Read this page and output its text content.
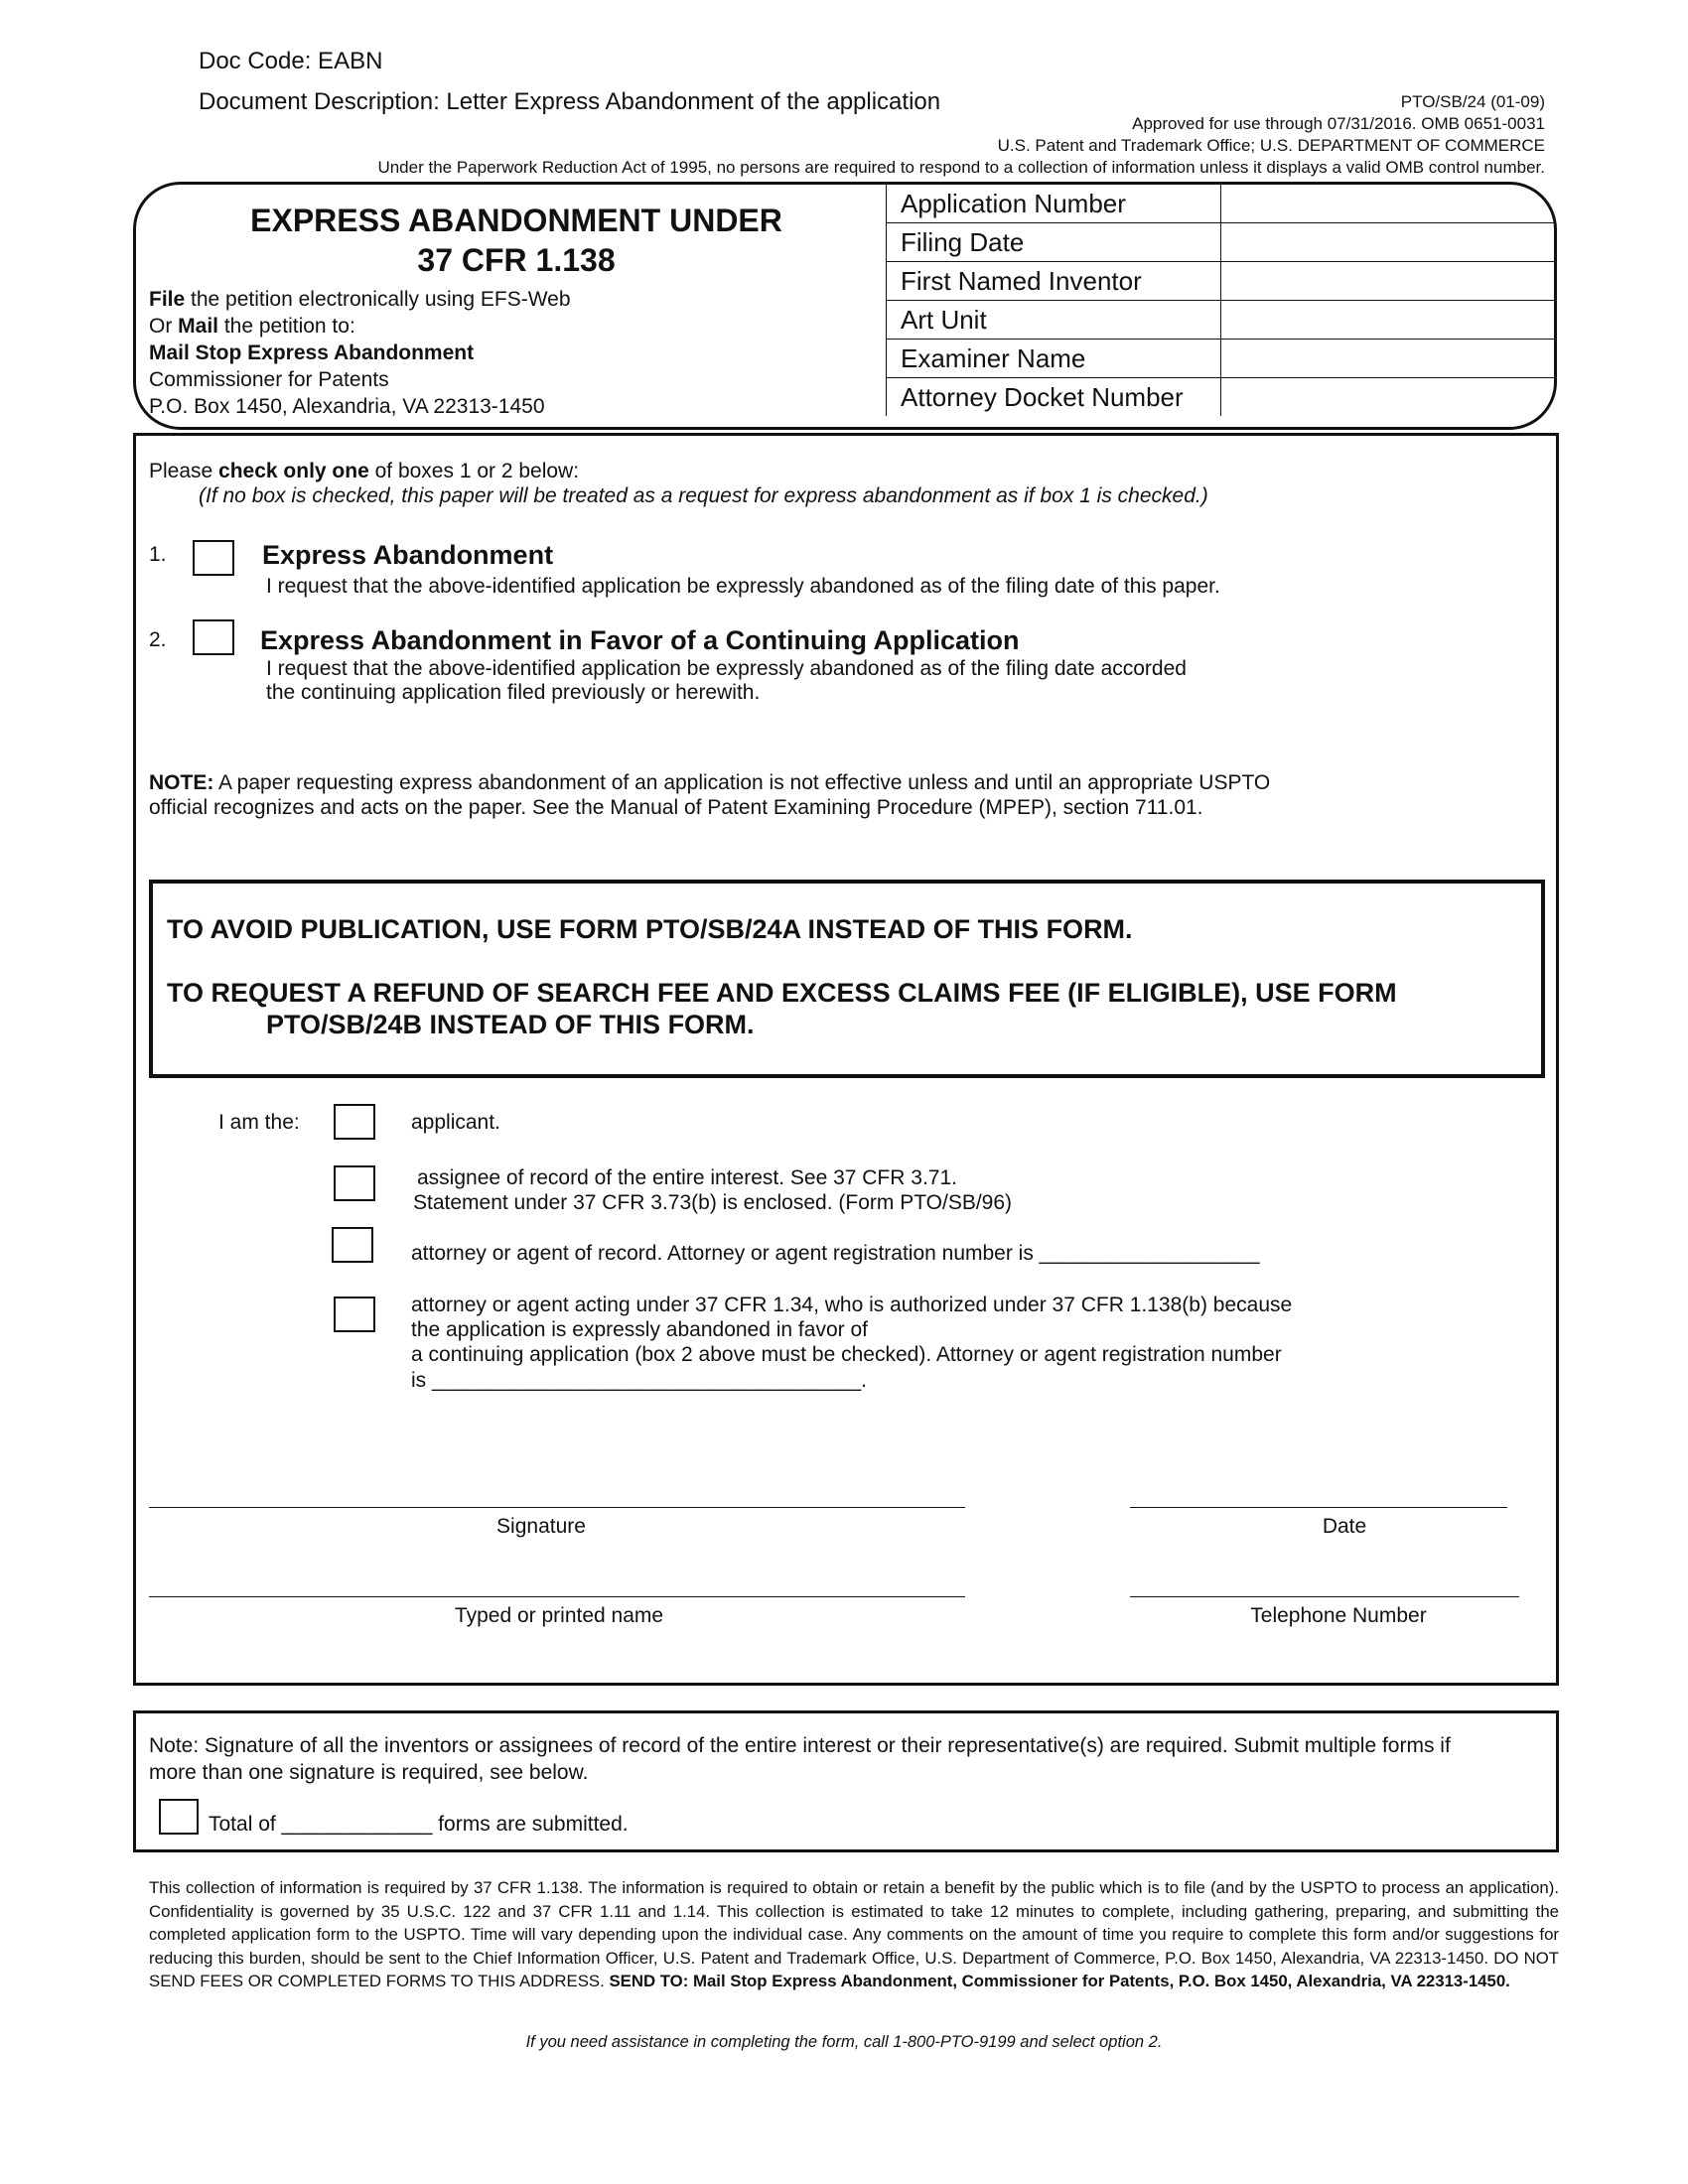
Doc Code: EABN
Document Description: Letter Express Abandonment of the application	PTO/SB/24 (01-09)
Approved for use through 07/31/2016. OMB 0651-0031
U.S. Patent and Trademark Office; U.S. DEPARTMENT OF COMMERCE
Under the Paperwork Reduction Act of 1995, no persons are required to respond to a collection of information unless it displays a valid OMB control number.
EXPRESS ABANDONMENT UNDER
37 CFR 1.138
File the petition electronically using EFS-Web
Or Mail the petition to:
Mail Stop Express Abandonment
Commissioner for Patents
P.O. Box 1450, Alexandria, VA 22313-1450
Application Number	
Filing Date	
First Named Inventor	
Art Unit	
Examiner Name	
Attorney Docket Number	
Please check only one of boxes 1 or 2 below:
(If no box is checked, this paper will be treated as a request for express abandonment as if box 1 is checked.)
1.	Express Abandonment
I request that the above-identified application be expressly abandoned as of the filing date of this paper.
2.	Express Abandonment in Favor of a Continuing Application
I request that the above-identified application be expressly abandoned as of the filing date accorded
the continuing application filed previously or herewith.
NOTE: A paper requesting express abandonment of an application is not effective unless and until an appropriate USPTO
official recognizes and acts on the paper. See the Manual of Patent Examining Procedure (MPEP), section 711.01.
TO AVOID PUBLICATION, USE FORM PTO/SB/24A INSTEAD OF THIS FORM.
TO REQUEST A REFUND OF SEARCH FEE AND EXCESS CLAIMS FEE (IF ELIGIBLE), USE FORM
PTO/SB/24B INSTEAD OF THIS FORM.
I am the:	applicant.
assignee of record of the entire interest. See 37 CFR 3.71.
Statement under 37 CFR 3.73(b) is enclosed. (Form PTO/SB/96)
attorney or agent of record. Attorney or agent registration number is ___________________
attorney or agent acting under 37 CFR 1.34, who is authorized under 37 CFR 1.138(b) because
the application is expressly abandoned in favor of
a continuing application (box 2 above must be checked). Attorney or agent registration number
is _____________________________________.
Signature	Date
Typed or printed name	Telephone Number
Note: Signature of all the inventors or assignees of record of the entire interest or their representative(s) are required. Submit multiple forms if
more than one signature is required, see below.
Total of _____________ forms are submitted.
This collection of information is required by 37 CFR 1.138. The information is required to obtain or retain a benefit by the public which is to file (and by the USPTO to process an application). Confidentiality is governed by 35 U.S.C. 122 and 37 CFR 1.11 and 1.14. This collection is estimated to take 12 minutes to complete, including gathering, preparing, and submitting the completed application form to the USPTO. Time will vary depending upon the individual case. Any comments on the amount of time you require to complete this form and/or suggestions for reducing this burden, should be sent to the Chief Information Officer, U.S. Patent and Trademark Office, U.S. Department of Commerce, P.O. Box 1450, Alexandria, VA 22313-1450. DO NOT SEND FEES OR COMPLETED FORMS TO THIS ADDRESS. SEND TO: Mail Stop Express Abandonment, Commissioner for Patents, P.O. Box 1450, Alexandria, VA 22313-1450.
If you need assistance in completing the form, call 1-800-PTO-9199 and select option 2.
